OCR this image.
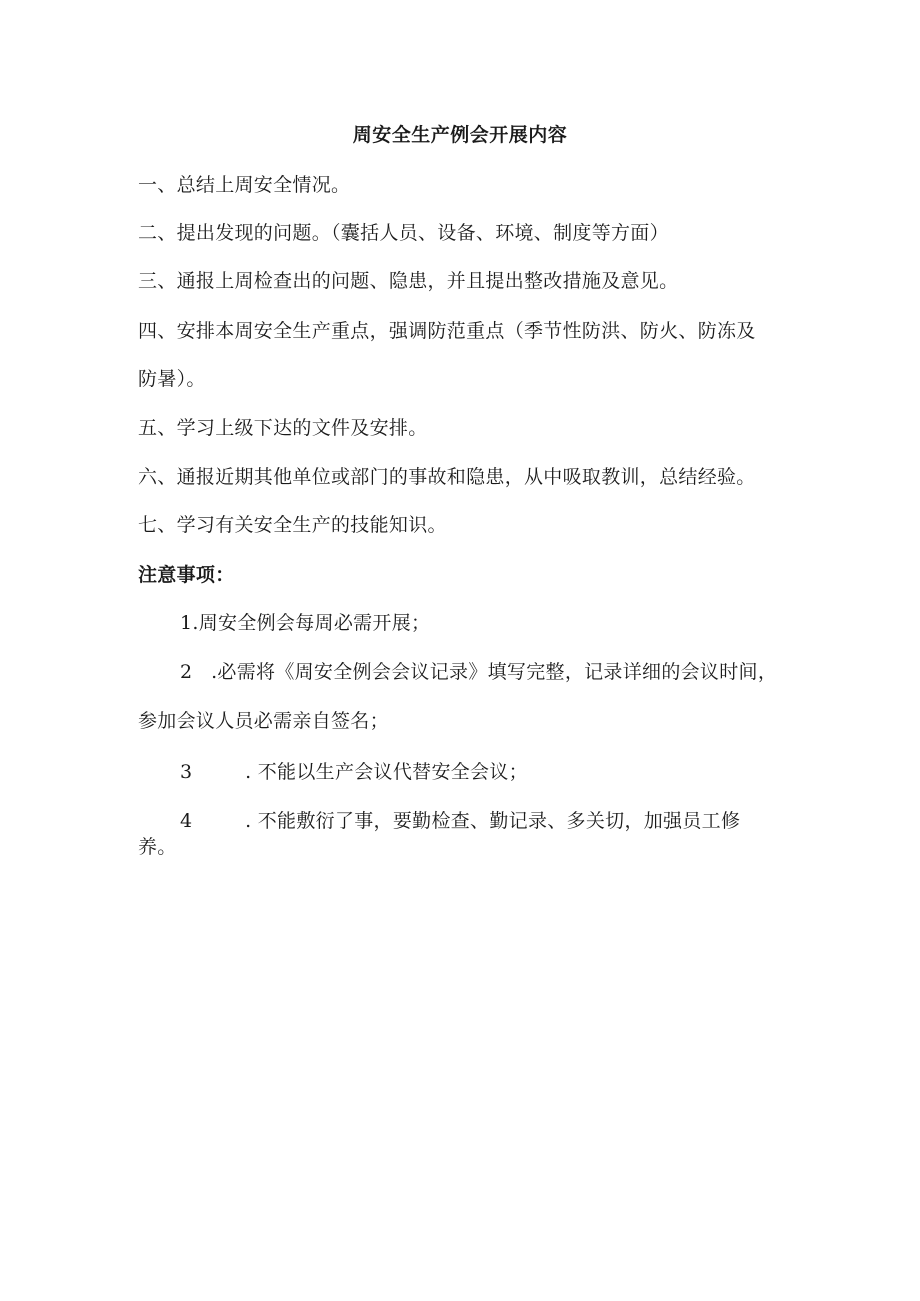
周安全生产例会开展内容
一、总结上周安全情况。
二、提出发现的问题。（囊括人员、设备、环境、制度等方面）
三、通报上周检查出的问题、隐患，并且提出整改措施及意见。
四、安排本周安全生产重点，强调防范重点（季节性防洪、防火、防冻及
防暑）。
五、学习上级下达的文件及安排。
六、通报近期其他单位或部门的事故和隐患，从中吸取教训，总结经验。
七、学习有关安全生产的技能知识。
注意事项：
1.周安全例会每周必需开展；
2 .必需将《周安全例会会议记录》填写完整，记录详细的会议时间，
参加会议人员必需亲自签名；
3	. 不能以生产会议代替安全会议；
4	. 不能敷衍了事，要勤检查、勤记录、多关切，加强员工修
养。
